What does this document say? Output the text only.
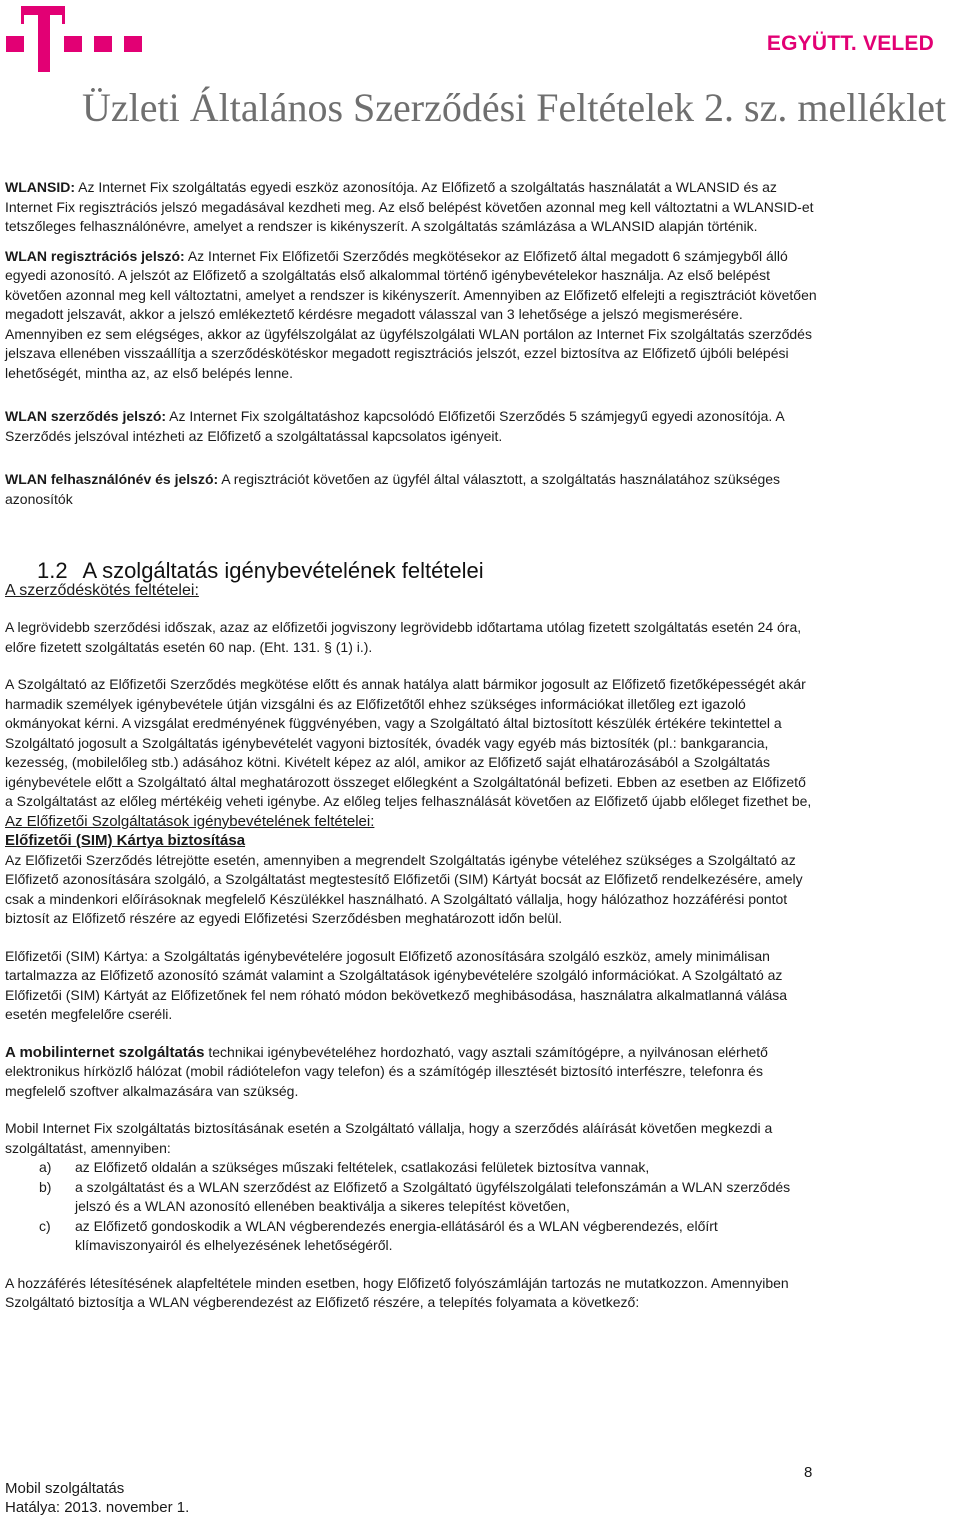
EGYÜTT. VELED
Üzleti Általános Szerződési Feltételek 2. sz. melléklet

WLANSID: Az Internet Fix szolgáltatás egyedi eszköz azonosítója. Az Előfizető a szolgáltatás használatát a WLANSID és az Internet Fix regisztrációs jelszó megadásával kezdheti meg. Az első belépést követően azonnal meg kell változtatni a WLANSID-et tetszőleges felhasználónévre, amelyet a rendszer is kikényszerít. A szolgáltatás számlázása a WLANSID alapján történik.

WLAN regisztrációs jelszó: Az Internet Fix Előfizetői Szerződés megkötésekor az Előfizető által megadott 6 számjegyből álló egyedi azonosító. A jelszót az Előfizető a szolgáltatás első alkalommal történő igénybevételekor használja. Az első belépést követően azonnal meg kell változtatni, amelyet a rendszer is kikényszerít. Amennyiben az Előfizető elfelejti a regisztrációt követően megadott jelszavát, akkor a jelszó emlékeztető kérdésre megadott válasszal van 3 lehetősége a jelszó megismerésére. Amennyiben ez sem elégséges, akkor az ügyfélszolgálat az ügyfélszolgálati WLAN portálon az Internet Fix szolgáltatás szerződés jelszava ellenében visszaállítja a szerződéskötéskor megadott regisztrációs jelszót, ezzel biztosítva az Előfizető újbóli belépési lehetőségét, mintha az, az első belépés lenne.

WLAN szerződés jelszó: Az Internet Fix szolgáltatáshoz kapcsolódó Előfizetői Szerződés 5 számjegyű egyedi azonosítója. A Szerződés jelszóval intézheti az Előfizető a szolgáltatással kapcsolatos igényeit.

WLAN felhasználónév és jelszó: A regisztrációt követően az ügyfél által választott, a szolgáltatás használatához szükséges azonosítók

1.2 A szolgáltatás igénybevételének feltételei

A szerződéskötés feltételei:

A legrövidebb szerződési időszak, azaz az előfizetői jogviszony legrövidebb időtartama utólag fizetett szolgáltatás esetén 24 óra, előre fizetett szolgáltatás esetén 60 nap. (Eht. 131. § (1) i.).

A Szolgáltató az Előfizetői Szerződés megkötése előtt és annak hatálya alatt bármikor jogosult az Előfizető fizetőképességét akár harmadik személyek igénybevétele útján vizsgálni és az Előfizetőtől ehhez szükséges információkat illetőleg ezt igazoló okmányokat kérni. A vizsgálat eredményének függvényében, vagy a Szolgáltató által biztosított készülék értékére tekintettel a Szolgáltató jogosult a Szolgáltatás igénybevételét vagyoni biztosíték, óvadék vagy egyéb más biztosíték (pl.: bankgarancia, kezesség, (mobilelőleg stb.) adásához kötni. Kivételt képez az alól, amikor az Előfizető saját elhatározásából a Szolgáltatás igénybevétele előtt a Szolgáltató által meghatározott összeget előlegként a Szolgáltatónál befizeti. Ebben az esetben az Előfizető a Szolgáltatást az előleg mértékéig veheti igénybe. Az előleg teljes felhasználását követően az Előfizető újabb előleget fizethet be,

Az Előfizetői Szolgáltatások igénybevételének feltételei:

Előfizetői (SIM) Kártya biztosítása

Az Előfizetői Szerződés létrejötte esetén, amennyiben a megrendelt Szolgáltatás igénybe vételéhez szükséges a Szolgáltató az Előfizető azonosítására szolgáló, a Szolgáltatást megtestesítő Előfizetői (SIM) Kártyát bocsát az Előfizető rendelkezésére, amely csak a mindenkori előírásoknak megfelelő Készülékkel használható. A Szolgáltató vállalja, hogy hálózathoz hozzáférési pontot biztosít az Előfizető részére az egyedi Előfizetési Szerződésben meghatározott időn belül.

Előfizetői (SIM) Kártya: a Szolgáltatás igénybevételére jogosult Előfizető azonosítására szolgáló eszköz, amely minimálisan tartalmazza az Előfizető azonosító számát valamint a Szolgáltatások igénybevételére szolgáló információkat. A Szolgáltató az Előfizetői (SIM) Kártyát az Előfizetőnek fel nem róható módon bekövetkező meghibásodása, használatra alkalmatlanná válása esetén megfelelőre cseréli.

A mobilinternet szolgáltatás technikai igénybevételéhez hordozható, vagy asztali számítógépre, a nyilvánosan elérhető elektronikus hírközlő hálózat (mobil rádiótelefon vagy telefon) és a számítógép illesztését biztosító interfészre, telefonra és megfelelő szoftver alkalmazására van szükség.

Mobil Internet Fix szolgáltatás biztosításának esetén a Szolgáltató vállalja, hogy a szerződés aláírását követően megkezdi a szolgáltatást, amennyiben:

a)	az Előfizető oldalán a szükséges műszaki feltételek, csatlakozási felületek biztosítva vannak,
b)	a szolgáltatást és a WLAN szerződést az Előfizető a Szolgáltató ügyfélszolgálati telefonszámán a WLAN szerződés jelszó és a WLAN azonosító ellenében beaktiválja a sikeres telepítést követően,
c)	az Előfizető gondoskodik a WLAN végberendezés energia-ellátásáról és a WLAN végberendezés, előírt klímaviszonyairól és elhelyezésének lehetőségéről.

A hozzáférés létesítésének alapfeltétele minden esetben, hogy Előfizető folyószámláján tartozás ne mutatkozzon. Amennyiben Szolgáltató biztosítja a WLAN végberendezést az Előfizető részére, a telepítés folyamata a következő:

Mobil szolgáltatás
Hatálya: 2013. november 1.
8
